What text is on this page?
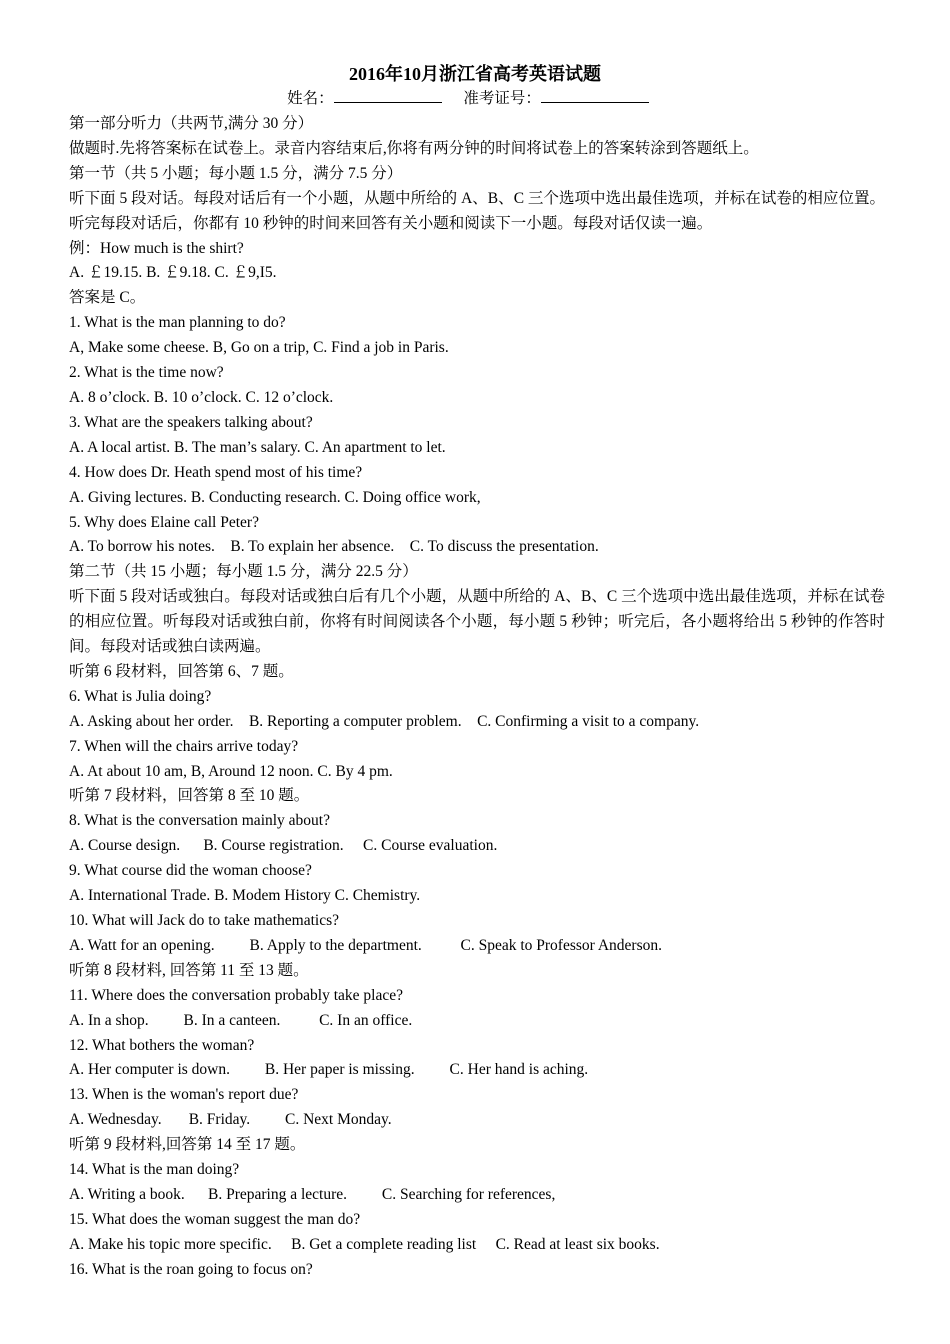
2016年10月浙江省高考英语试题
姓名：	准考证号：

第一部分听力（共两节,满分 30 分）

做题时.先将答案标在试卷上。录音内容结束后,你将有两分钟的时间将试卷上的答案转涂到答题纸上。

第一节（共 5 小题；每小题 1.5 分，满分 7.5 分）

听下面 5 段对话。每段对话后有一个小题，从题中所给的 A、B、C 三个选项中选出最佳选项，并标在试卷的相应位置。听完每段对话后，你都有 10 秒钟的时间来回答有关小题和阅读下一小题。每段对话仅读一遍。

例：How much is the shirt?

A. ￡19.15. B. ￡9.18. C. ￡9,I5.

答案是 C。

1. What is the man planning to do?

A, Make some cheese. B, Go on a trip, C. Find a job in Paris.

2. What is the time now?

A. 8 o’clock. B. 10 o’clock. C. 12 o’clock.

3. What are the speakers talking about?

A. A local artist. B. The man’s salary. C. An apartment to let.

4. How does Dr. Heath spend most of his time?

A. Giving lectures. B. Conducting research. C. Doing office work,

5. Why does Elaine call Peter?

A. To borrow his notes.    B. To explain her absence.    C. To discuss the presentation.

第二节（共 15 小题；每小题 1.5 分，满分 22.5 分）

听下面 5 段对话或独白。每段对话或独白后有几个小题，从题中所给的 A、B、C 三个选项中选出最佳选项，并标在试卷的相应位置。听每段对话或独白前，你将有时间阅读各个小题，每小题 5 秒钟；听完后，各小题将给出 5 秒钟的作答时间。每段对话或独白读两遍。

听第 6 段材料，回答第 6、7 题。

6. What is Julia doing?

A. Asking about her order.    B. Reporting a computer problem.    C. Confirming a visit to a company.

7. When will the chairs arrive today?

A. At about 10 am, B, Around 12 noon. C. By 4 pm.

听第 7 段材料，回答第 8 至 10 题。

8. What is the conversation mainly about?

A. Course design.      B. Course registration.     C. Course evaluation.

9. What course did the woman choose?

A. International Trade. B. Modem History C. Chemistry.

10. What will Jack do to take mathematics?

A. Watt for an opening.         B. Apply to the department.          C. Speak to Professor Anderson.

听第 8 段材料, 回答第 11 至 13 题。

11. Where does the conversation probably take place?

A. In a shop.         B. In a canteen.          C. In an office.

12. What bothers the woman?

A. Her computer is down.         B. Her paper is missing.         C. Her hand is aching.

13. When is the woman's report due?

A. Wednesday.       B. Friday.         C. Next Monday.

听第 9 段材料,回答第 14 至 17 题。

14. What is the man doing?

A. Writing a book.      B. Preparing a lecture.         C. Searching for references,

15. What does the woman suggest the man do?

A. Make his topic more specific.     B. Get a complete reading list     C. Read at least six books.

16. What is the roan going to focus on?
